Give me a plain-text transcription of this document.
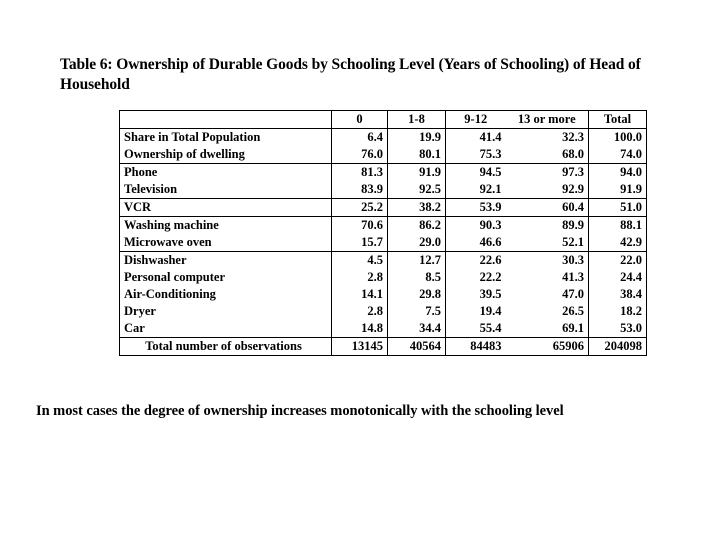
Table 6: Ownership of Durable Goods by Schooling Level (Years of Schooling) of Head of Household
	0	1-8	9-12	13 or more	Total
Share in Total Population	6.4	19.9	41.4	32.3	100.0
Ownership of dwelling	76.0	80.1	75.3	68.0	74.0
Phone	81.3	91.9	94.5	97.3	94.0
Television	83.9	92.5	92.1	92.9	91.9
VCR	25.2	38.2	53.9	60.4	51.0
Washing machine	70.6	86.2	90.3	89.9	88.1
Microwave oven	15.7	29.0	46.6	52.1	42.9
Dishwasher	4.5	12.7	22.6	30.3	22.0
Personal computer	2.8	8.5	22.2	41.3	24.4
Air-Conditioning	14.1	29.8	39.5	47.0	38.4
Dryer	2.8	7.5	19.4	26.5	18.2
Car	14.8	34.4	55.4	69.1	53.0
Total number of observations	13145	40564	84483	65906	204098
In most cases the degree of ownership increases monotonically with the schooling level
